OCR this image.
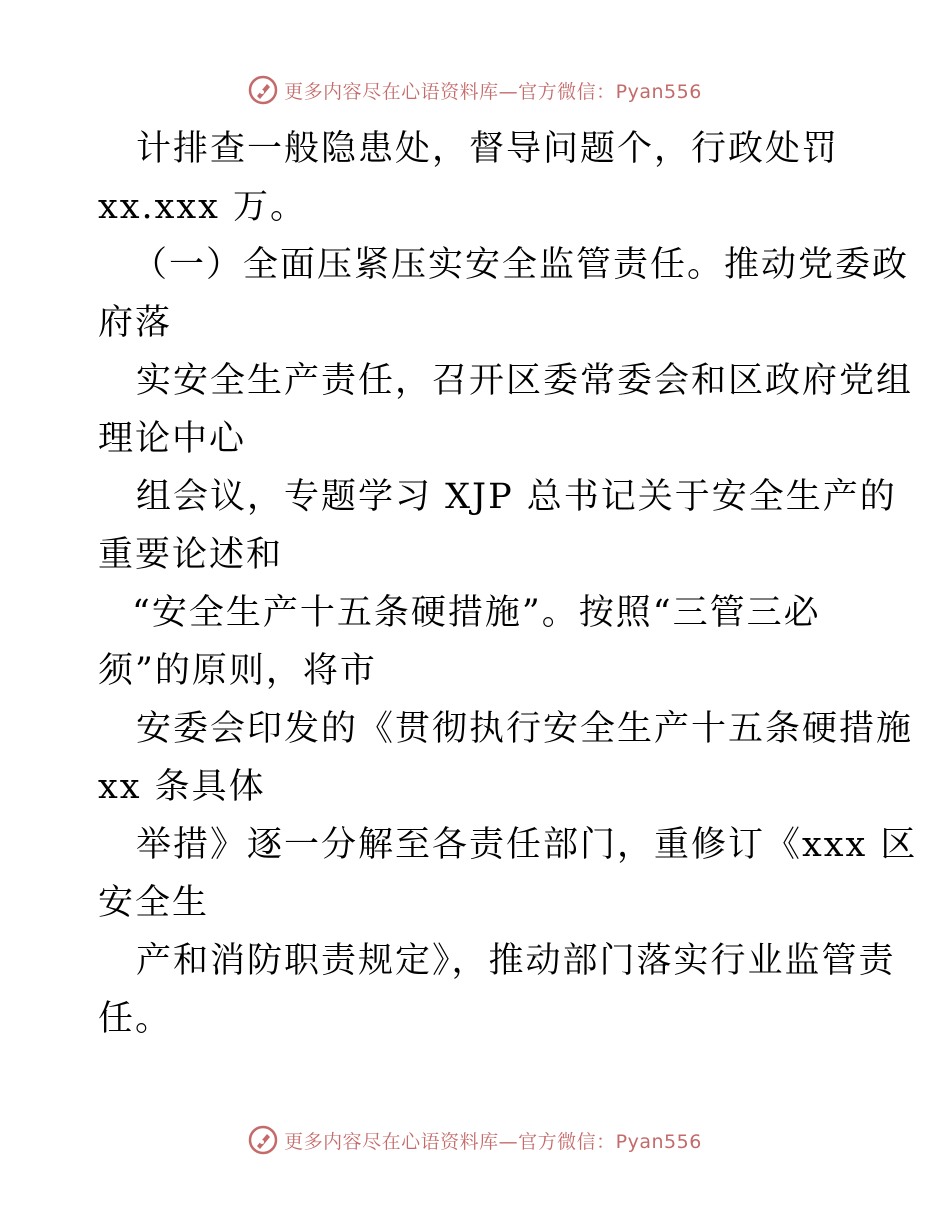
更多内容尽在心语资料库—官方微信：Pyan556
计排查一般隐患处，督导问题个，行政处罚
xx.xxx 万。
（一）全面压紧压实安全监管责任。推动党委政
府落
实安全生产责任，召开区委常委会和区政府党组
理论中心
组会议，专题学习 XJP 总书记关于安全生产的
重要论述和
“安全生产十五条硬措施”。按照“三管三必
须”的原则，将市
安委会印发的《贯彻执行安全生产十五条硬措施
xx 条具体
举措》逐一分解至各责任部门，重修订《xxx 区
安全生
产和消防职责规定》，推动部门落实行业监管责
任。
更多内容尽在心语资料库—官方微信：Pyan556
